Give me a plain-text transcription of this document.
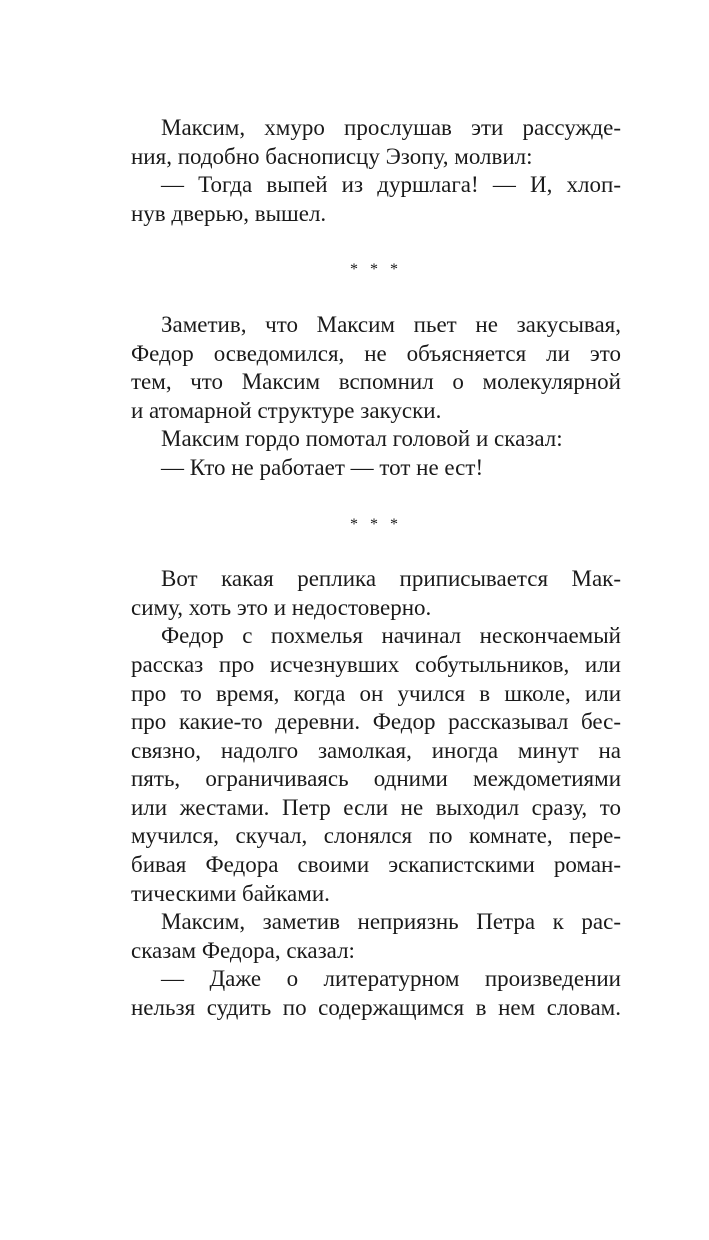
Максим, хмуро прослушав эти рассужде-
ния, подобно баснописцу Эзопу, молвил:
— Тогда выпей из дуршлага! — И, хлоп-
нув дверью, вышел.
* * *
Заметив, что Максим пьет не закусывая,
Федор осведомился, не объясняется ли это
тем, что Максим вспомнил о молекулярной
и атомарной структуре закуски.
Максим гордо помотал головой и сказал:
— Кто не работает — тот не ест!
* * *
Вот какая реплика приписывается Мак-
симу, хоть это и недостоверно.
Федор с похмелья начинал нескончаемый
рассказ про исчезнувших собутыльников, или
про то время, когда он учился в школе, или
про какие-то деревни. Федор рассказывал бес-
связно, надолго замолкая, иногда минут на
пять, ограничиваясь одними междометиями
или жестами. Петр если не выходил сразу, то
мучился, скучал, слонялся по комнате, пере-
бивая Федора своими эскапистскими роман-
тическими байками.
Максим, заметив неприязнь Петра к рас-
сказам Федора, сказал:
— Даже о литературном произведении
нельзя судить по содержащимся в нем словам.
